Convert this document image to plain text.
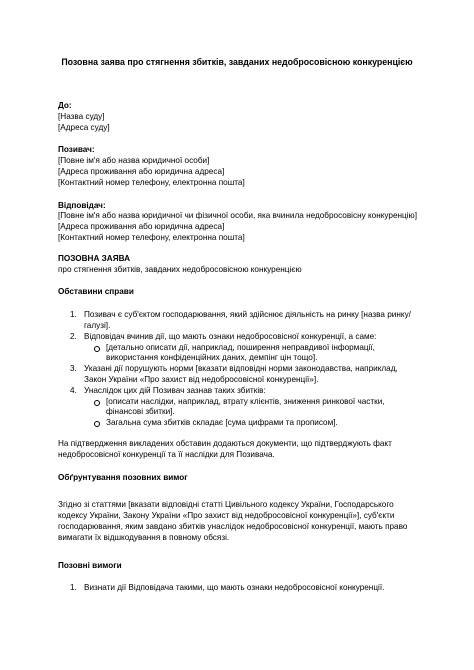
Позовна заява про стягнення збитків, завданих недобросовісною конкуренцією
До:
[Назва суду]
[Адреса суду]
Позивач:
[Повне ім'я або назва юридичної особи]
[Адреса проживання або юридична адреса]
[Контактний номер телефону, електронна пошта]
Відповідач:
[Повне ім'я або назва юридичної чи фізичної особи, яка вчинила недобросовісну конкуренцію]
[Адреса проживання або юридична адреса]
[Контактний номер телефону, електронна пошта]
ПОЗОВНА ЗАЯВА
про стягнення збитків, завданих недобросовісною конкуренцією
Обставини справи
1. Позивач є суб'єктом господарювання, який здійснює діяльність на ринку [назва ринку/галузі].
2. Відповідач вчинив дії, що мають ознаки недобросовісної конкуренції, а саме:
[детально описати дії, наприклад, поширення неправдивої інформації, використання конфіденційних даних, демпінг цін тощо].
3. Указані дії порушують норми [вказати відповідні норми законодавства, наприклад, Закон України «Про захист від недобросовісної конкуренції»].
4. Унаслідок цих дій Позивач зазнав таких збитків:
[описати наслідки, наприклад, втрату клієнтів, зниження ринкової частки, фінансові збитки].
Загальна сума збитків складає [сума цифрами та прописом].
На підтвердження викладених обставин додаються документи, що підтверджують факт недобросовісної конкуренції та її наслідки для Позивача.
Обґрунтування позовних вимог
Згідно зі статтями [вказати відповідні статті Цивільного кодексу України, Господарського кодексу України, Закону України «Про захист від недобросовісної конкуренції»], суб'єкти господарювання, яким завдано збитків унаслідок недобросовісної конкуренції, мають право вимагати їх відшкодування в повному обсязі.
Позовні вимоги
1. Визнати дії Відповідача такими, що мають ознаки недобросовісної конкуренції.
